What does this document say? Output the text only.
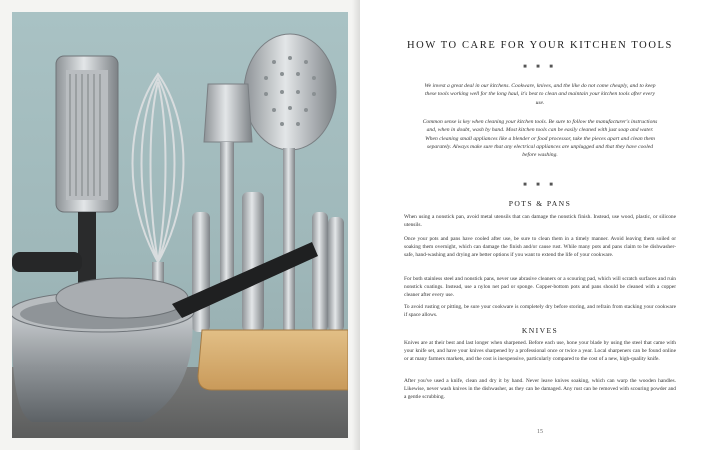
HOW TO CARE FOR YOUR KITCHEN TOOLS
■ ■ ■

We invest a great deal in our kitchens. Cookware, knives, and the like do not come cheaply, and to keep these tools working well for the long haul, it's best to clean and maintain your kitchen tools after every use.

Common sense is key when cleaning your kitchen tools. Be sure to follow the manufacturer's instructions and, when in doubt, wash by hand. Most kitchen tools can be easily cleaned with just soap and water. When cleaning small appliances like a blender or food processor, take the pieces apart and clean them separately. Always make sure that any electrical appliances are unplugged and that they have cooled before washing.

■ ■ ■
POTS & PANS

When using a nonstick pan, avoid metal utensils that can damage the nonstick finish. Instead, use wood, plastic, or silicone utensils.

Once your pots and pans have cooled after use, be sure to clean them in a timely manner. Avoid leaving them soiled or soaking them overnight, which can damage the finish and/or cause rust. While many pots and pans claim to be dishwasher-safe, hand-washing and drying are better options if you want to extend the life of your cookware.

For both stainless steel and nonstick pans, never use abrasive cleaners or a scouring pad, which will scratch surfaces and ruin nonstick coatings. Instead, use a nylon net pad or sponge. Copper-bottom pots and pans should be cleaned with a copper cleaner after every use.

To avoid rusting or pitting, be sure your cookware is completely dry before storing, and refrain from stacking your cookware if space allows.

KNIVES

Knives are at their best and last longer when sharpened. Before each use, hone your blade by using the steel that came with your knife set, and have your knives sharpened by a professional once or twice a year. Local sharpeners can be found online or at many farmers markets, and the cost is inexpensive, particularly compared to the cost of a new, high-quality knife.

After you've used a knife, clean and dry it by hand. Never leave knives soaking, which can warp the wooden handles. Likewise, never wash knives in the dishwasher, as they can be damaged. Any rust can be removed with scouring powder and a gentle scrubbing.

15
